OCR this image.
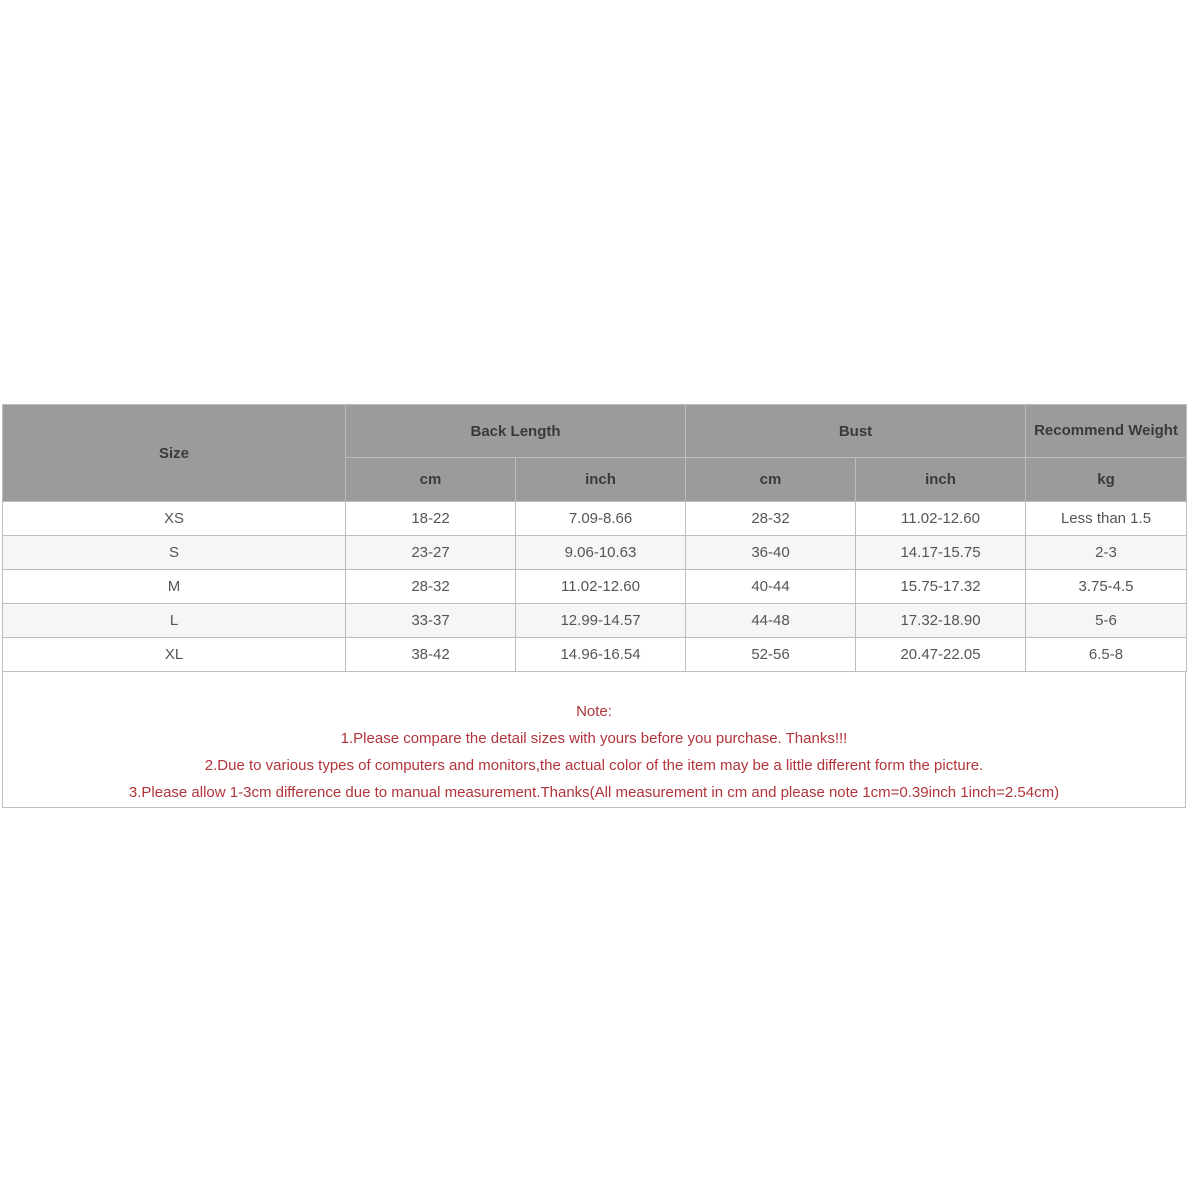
Size	Back Length		Bust		Recommend Weight
	cm	inch	cm	inch	kg
XS	18-22	7.09-8.66	28-32	11.02-12.60	Less than 1.5
S	23-27	9.06-10.63	36-40	14.17-15.75	2-3
M	28-32	11.02-12.60	40-44	15.75-17.32	3.75-4.5
L	33-37	12.99-14.57	44-48	17.32-18.90	5-6
XL	38-42	14.96-16.54	52-56	20.47-22.05	6.5-8
Note:
1.Please compare the detail sizes with yours before you purchase. Thanks!!!
2.Due to various types of computers and monitors,the actual color of the item may be a little different form the picture.
3.Please allow 1-3cm difference due to manual measurement.Thanks(All measurement in cm and please note 1cm=0.39inch 1inch=2.54cm)
